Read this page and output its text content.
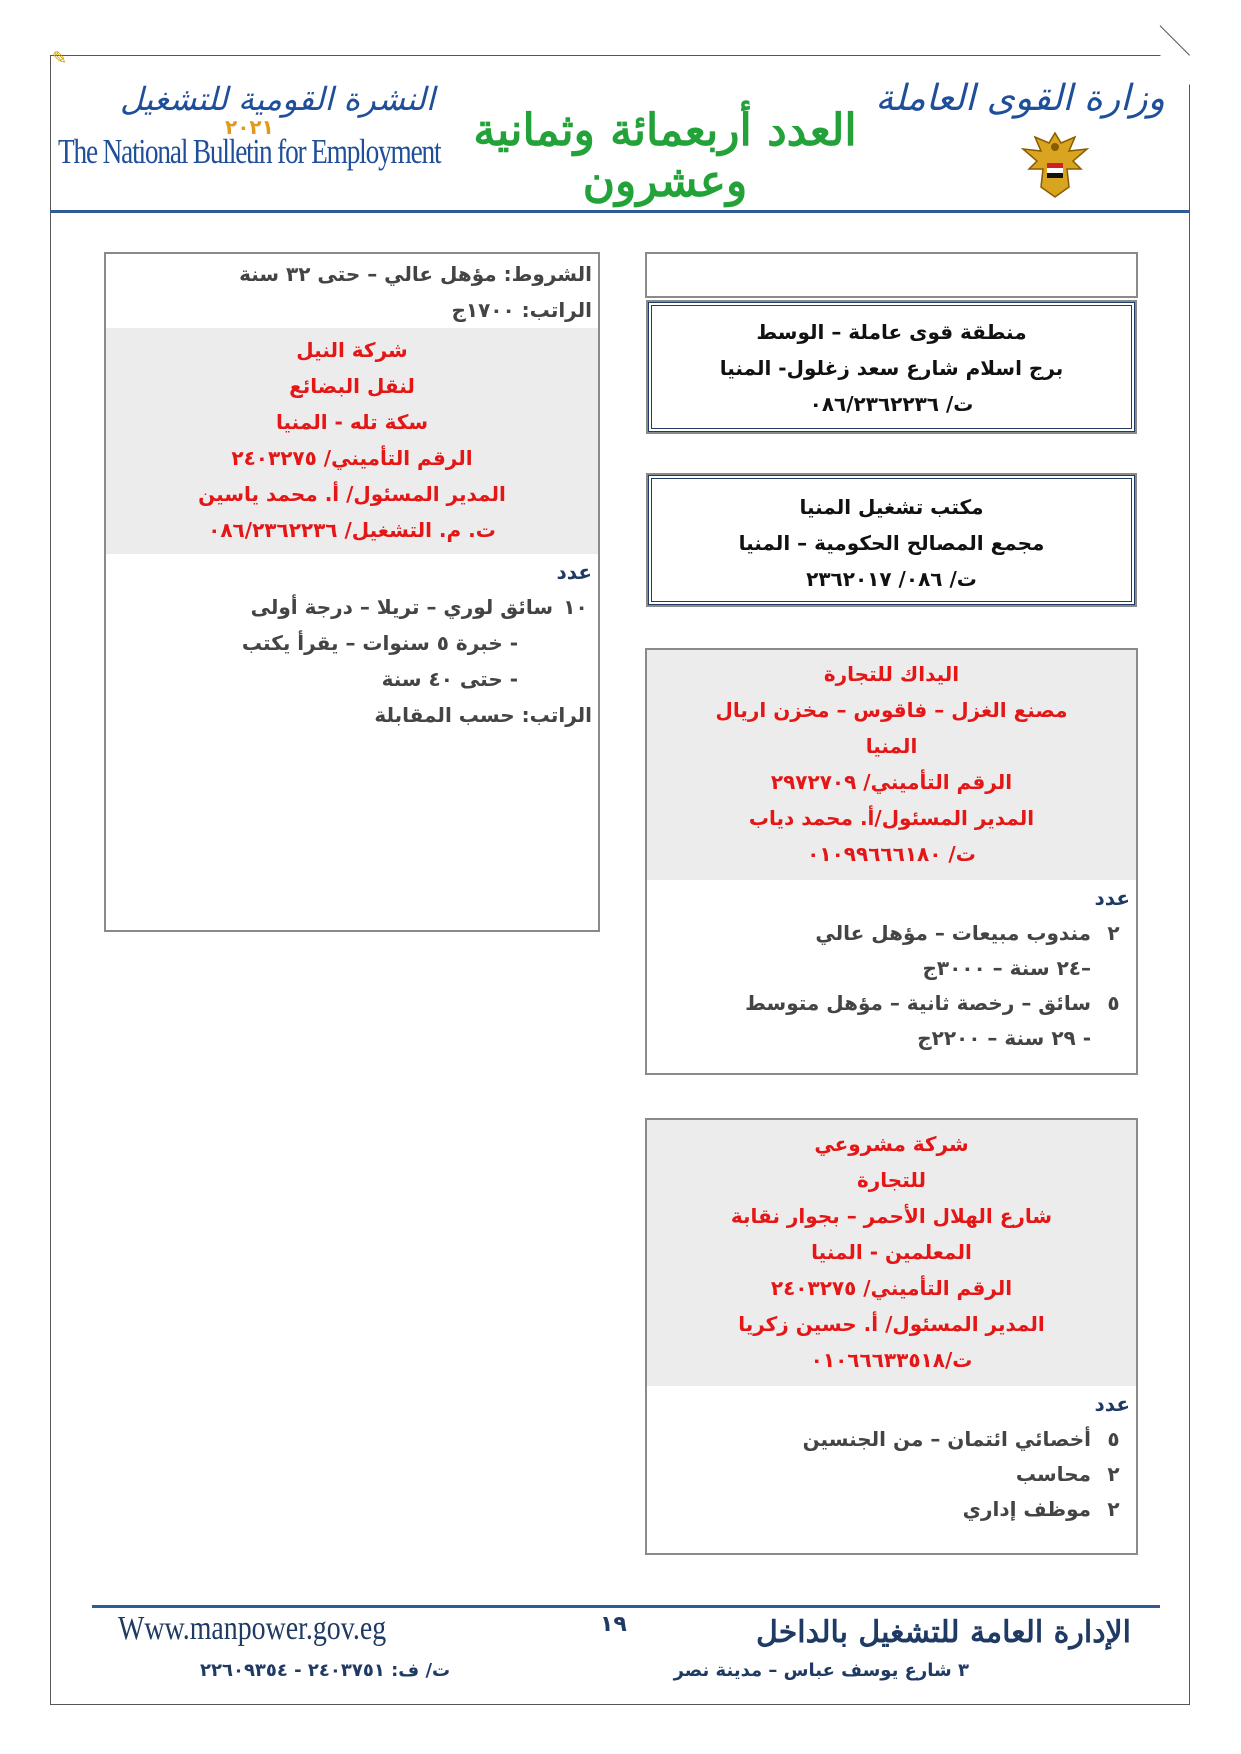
✎
النشرة القومية للتشغيل
٢٠٢١
The National Bulletin for Employment العدد أربعمائة وثمانية وعشرون
وزارة القوى العاملة
منطقة قوى عاملة – الوسط
برج اسلام شارع سعد زغلول- المنيا
ت/ ٠٨٦/٢٣٦٢٢٣٦
مكتب تشغيل المنيا
مجمع المصالح الحكومية – المنيا
ت/ ٠٨٦/ ٢٣٦٢٠١٧
اليداك للتجارة
مصنع الغزل – فاقوس – مخزن اريال
المنيا
الرقم التأميني/ ٢٩٧٢٧٠٩
المدير المسئول/أ. محمد دياب
ت/ ٠١٠٩٩٦٦٦١٨٠
عدد
٢
مندوب مبيعات – مؤهل عالي
–٢٤ سنة – ٣٠٠٠ج
٥
سائق – رخصة ثانية – مؤهل متوسط
- ٢٩ سنة – ٢٢٠٠ج
شركة مشروعي
للتجارة
شارع الهلال الأحمر – بجوار نقابة
المعلمين - المنيا
الرقم التأميني/ ٢٤٠٣٢٧٥
المدير المسئول/ أ. حسين زكريا
ت/٠١٠٦٦٦٣٣٥١٨
عدد
٥
أخصائي ائتمان – من الجنسين
٢
محاسب
٢
موظف إداري
الشروط: مؤهل عالي – حتى ٣٢ سنة
الراتب: ١٧٠٠ج
شركة النيل
لنقل البضائع
سكة تله - المنيا
الرقم التأميني/ ٢٤٠٣٢٧٥
المدير المسئول/ أ. محمد ياسين
ت. م. التشغيل/ ٠٨٦/٢٣٦٢٢٣٦
عدد
١٠
سائق لوري – تريلا – درجة أولى
- خبرة ٥ سنوات – يقرأ يكتب
- حتى ٤٠ سنة
الراتب: حسب المقابلة
Www.manpower.gov.eg	١٩	الإدارة العامة للتشغيل بالداخل
٣ شارع يوسف عباس – مدينة نصر
ت/ ف: ٢٤٠٣٧٥١ - ٢٢٦٠٩٣٥٤
